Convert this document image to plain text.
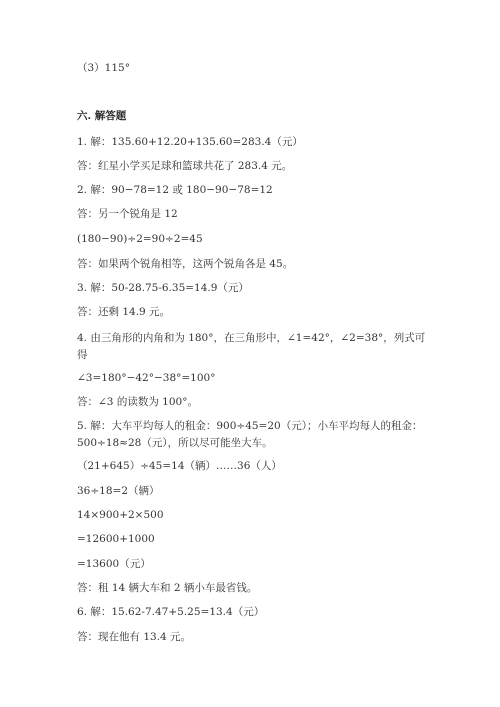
（3）115°
六. 解答题
1. 解：135.60+12.20+135.60=283.4（元）
答：红星小学买足球和篮球共花了 283.4 元。
2. 解：90−78=12 或 180−90−78=12
答：另一个锐角是 12
(180−90)÷2=90÷2=45
答：如果两个锐角相等，这两个锐角各是 45。
3. 解：50-28.75-6.35=14.9（元）
答：还剩 14.9 元。
4. 由三角形的内角和为 180°，在三角形中，∠1=42°，∠2=38°，列式可得
∠3=180°−42°−38°=100°
答：∠3 的读数为 100°。
5. 解：大车平均每人的租金：900÷45=20（元）；小车平均每人的租金：500÷18≈28（元），所以尽可能坐大车。
（21+645）÷45=14（辆）……36（人）
36÷18=2（辆）
14×900+2×500
=12600+1000
=13600（元）
答：租 14 辆大车和 2 辆小车最省钱。
6. 解：15.62-7.47+5.25=13.4（元）
答：现在他有 13.4 元。
